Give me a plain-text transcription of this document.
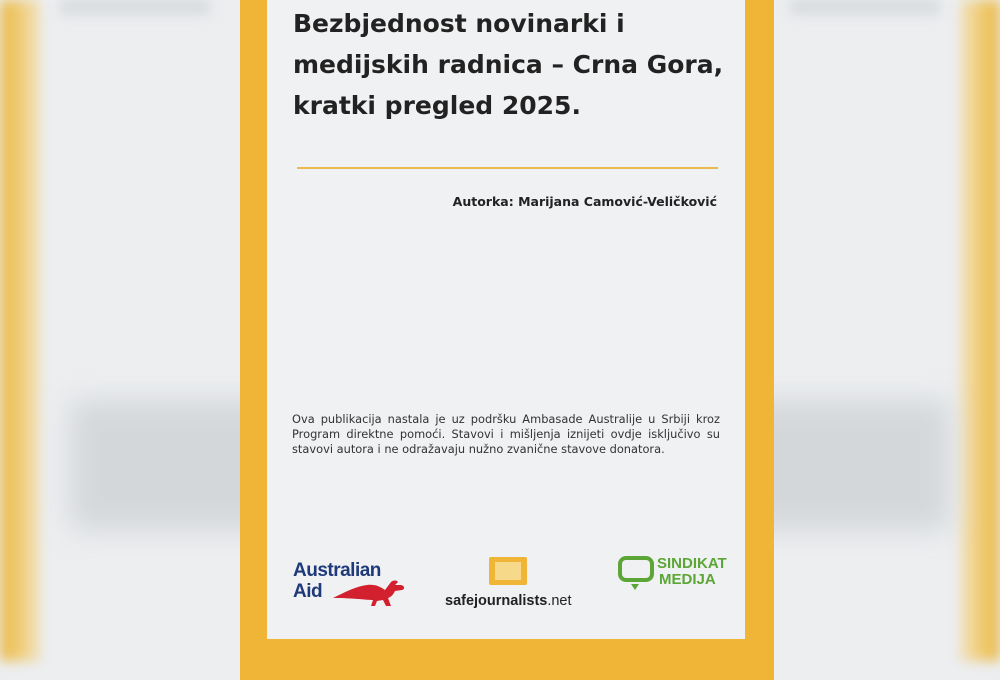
Bezbjednost novinarki i medijskih radnica – Crna Gora, kratki pregled 2025.
Autorka: Marijana Camović-Veličković

Ova publikacija nastala je uz podršku Ambasade Australije u Srbiji kroz Program direktne pomoći. Stavovi i mišljenja iznijeti ovdje isključivo su stavovi autora i ne odražavaju nužno zvanične stavove donatora.

Australian
Aid	safejournalists.net
SINDIKAT
MEDIJA
